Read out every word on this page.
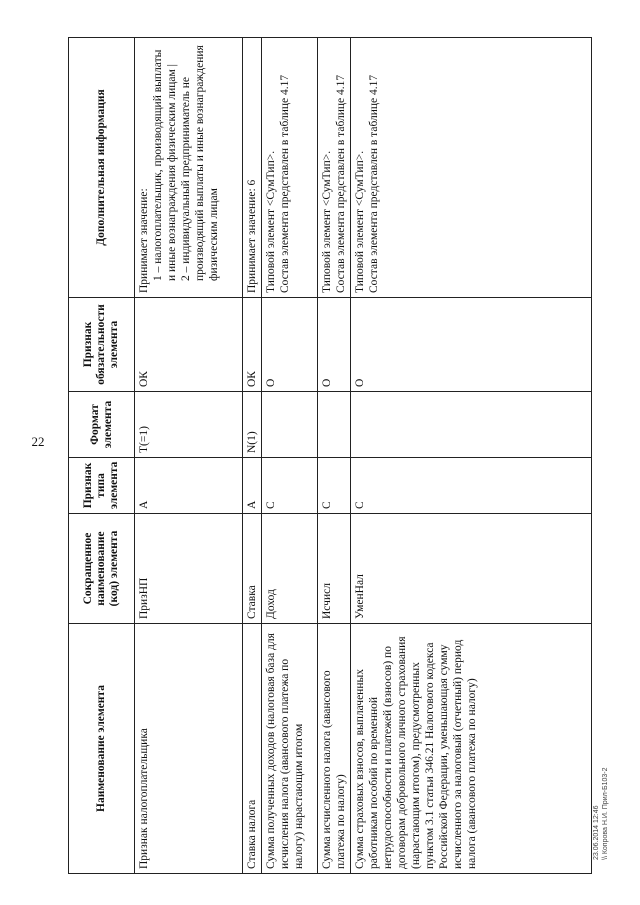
22
Наименование элемента	Сокращенное наименование (код) элемента	Признак типа элемента	Формат элемента	Признак обязательности элемента	Дополнительная информация
Признак налогоплательщика	ПризНП	А	T(=1)	ОК	Принимает значение: 1 – налогоплательщик, производящий выплаты и иные вознаграждения физическим лицам | 2 – индивидуальный предприниматель не производящий выплаты и иные вознаграждения физическим лицам

Ставка налога	Ставка	А	N(1)	ОК	Принимает значение: 6

Сумма полученных доходов (налоговая база для исчисления налога (авансового платежа по налогу) нарастающим итогом	Доход	С		О	Типовой элемент <СумТип>. Состав элемента представлен в таблице 4.17

Сумма исчисленного налога (авансового платежа по налогу)	Исчисл	С		О	Типовой элемент <СумТип>. Состав элемента представлен в таблице 4.17

Сумма страховых взносов, выплаченных работникам пособий по временной нетрудоспособности и платежей (взносов) по договорам добровольного личного страхования (нарастающим итогом), предусмотренных пунктом 3.1 статьи 346.21 Налогового кодекса Российской Федерации, уменьшающая сумму исчисленного за налоговый (отчетный) период налога (авансового платежа по налогу)	УменНал	С		О	Типовой элемент <СумТип>. Состав элемента представлен в таблице 4.17
23.06.2014 12:46 \\ Копрова Н.И. Прил-Б103-2
